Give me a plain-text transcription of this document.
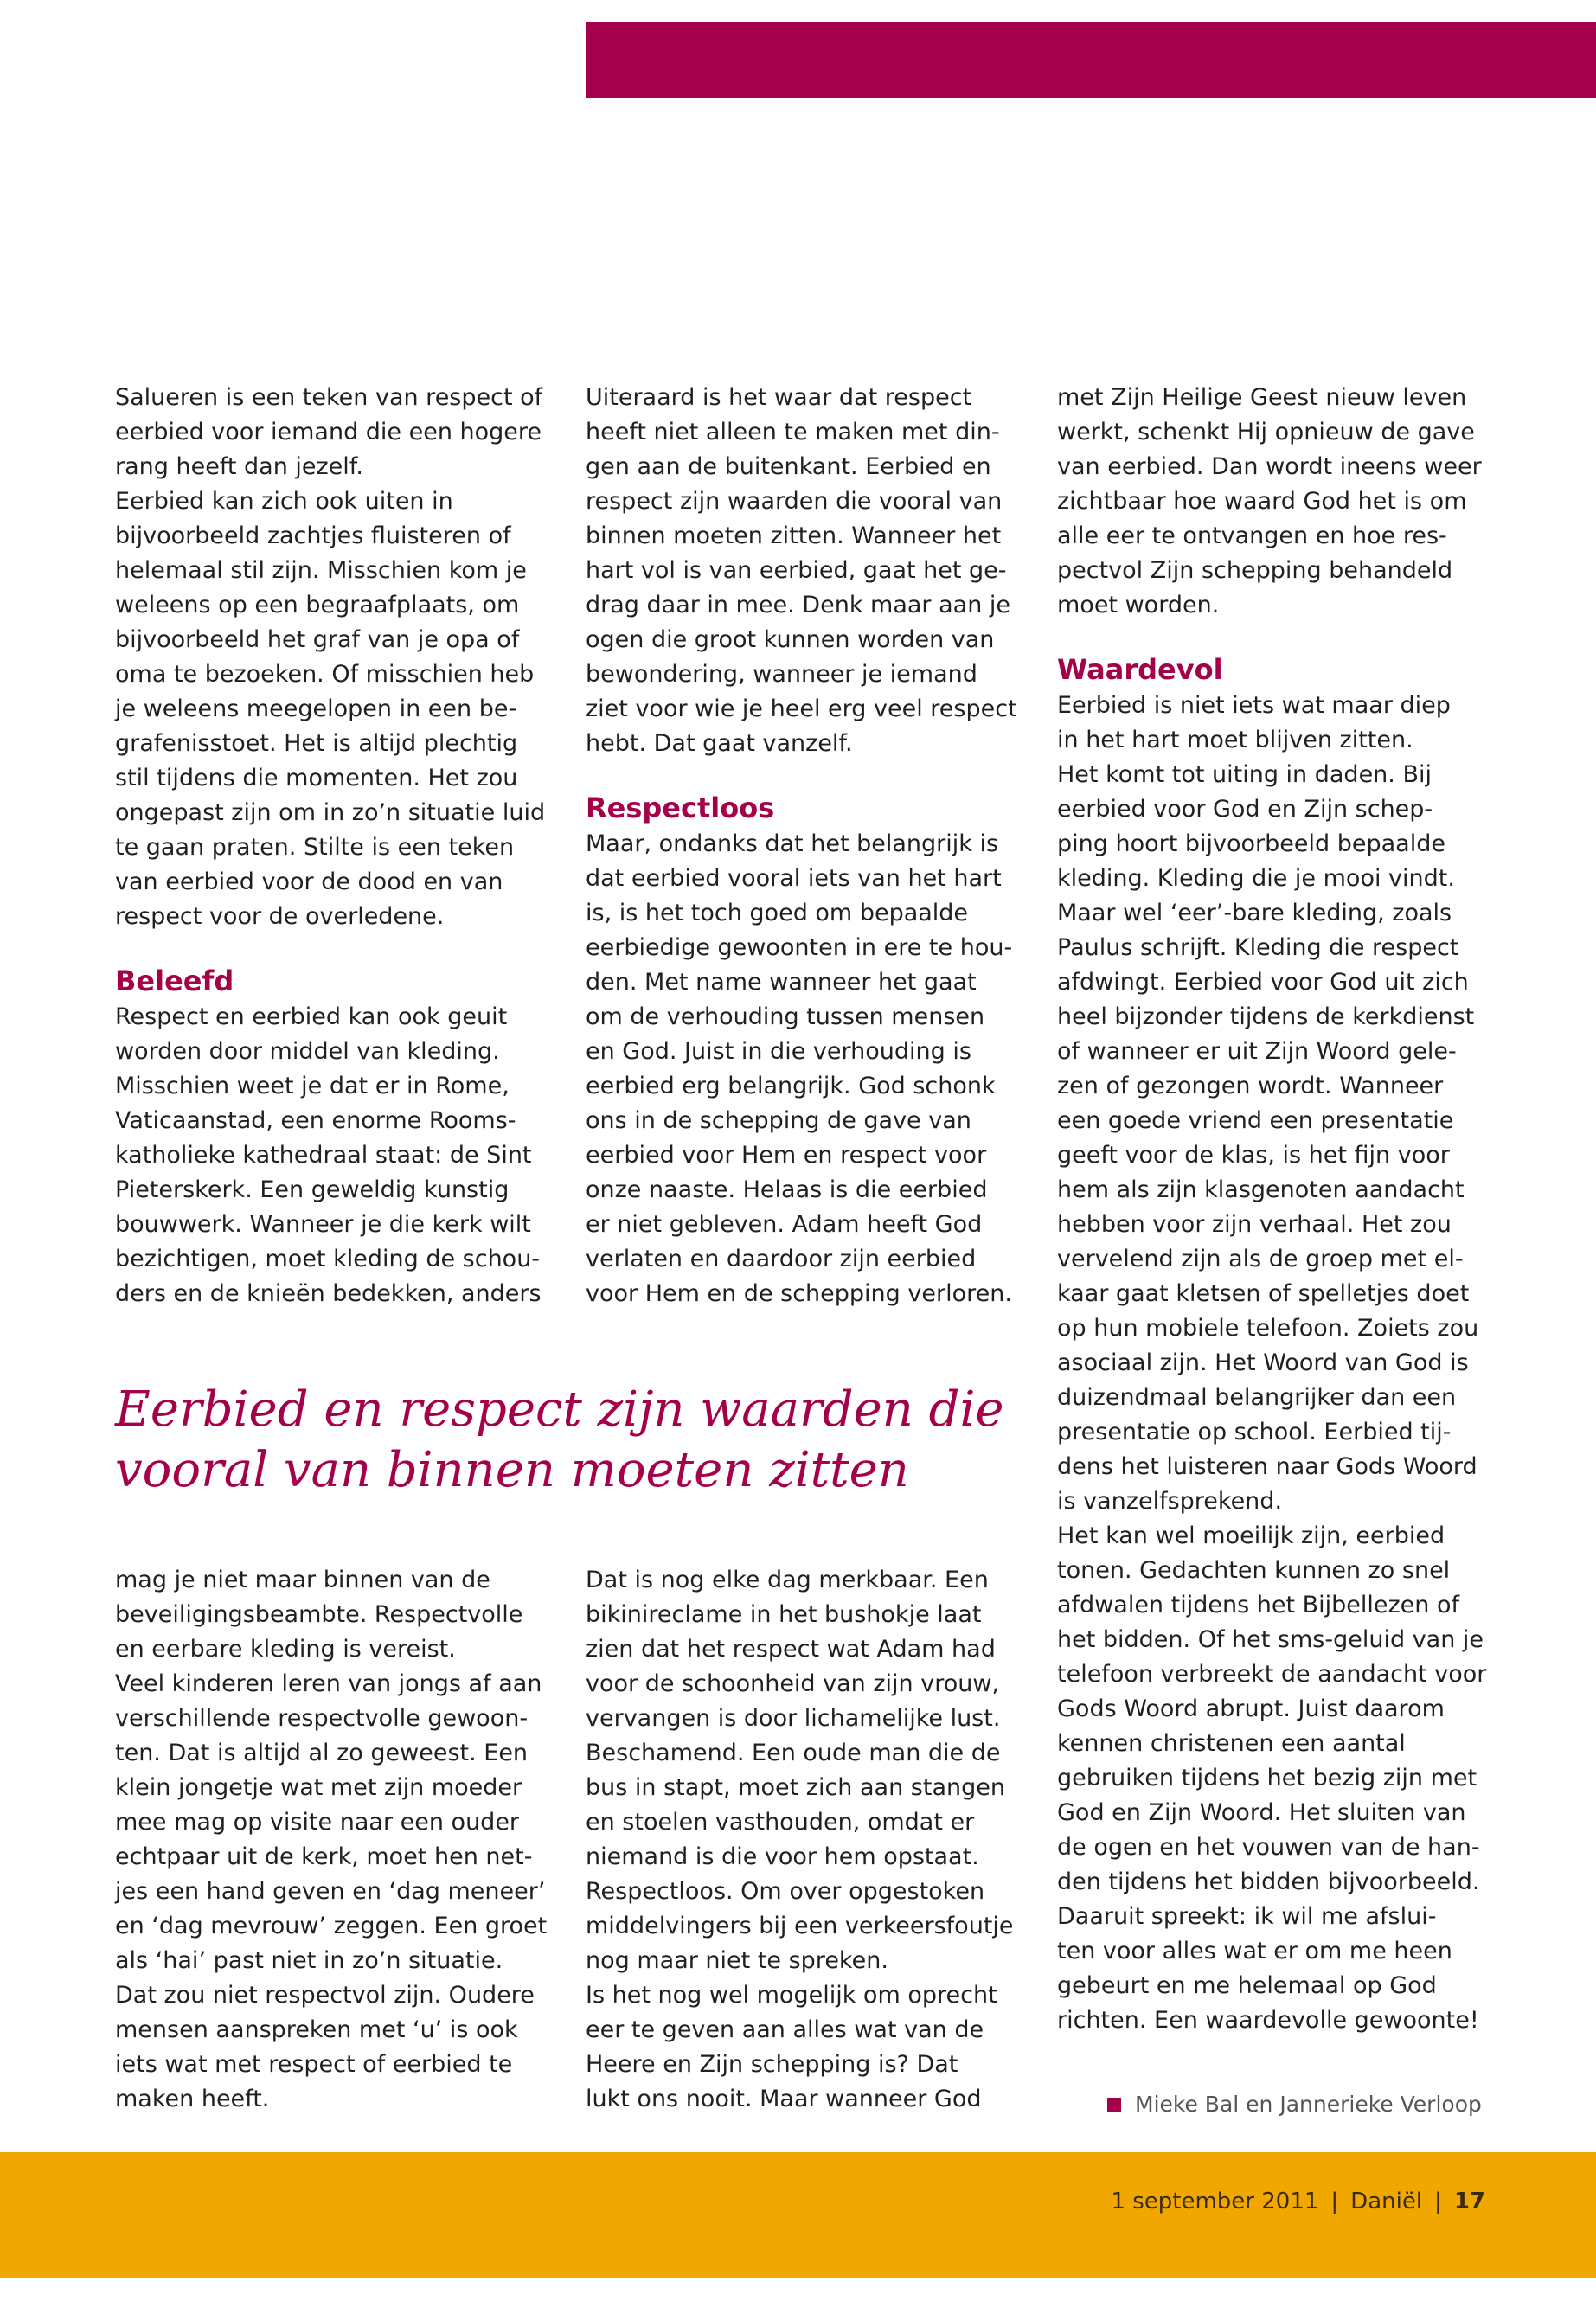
Salueren is een teken van respect of
eerbied voor iemand die een hogere
rang heeft dan jezelf.
Eerbied kan zich ook uiten in
bijvoorbeeld zachtjes fluisteren of
helemaal stil zijn. Misschien kom je
weleens op een begraafplaats, om
bijvoorbeeld het graf van je opa of
oma te bezoeken. Of misschien heb
je weleens meegelopen in een be-
grafenisstoet. Het is altijd plechtig
stil tijdens die momenten. Het zou
ongepast zijn om in zo’n situatie luid
te gaan praten. Stilte is een teken
van eerbied voor de dood en van
respect voor de overledene.

Beleefd

Respect en eerbied kan ook geuit
worden door middel van kleding.
Misschien weet je dat er in Rome,
Vaticaanstad, een enorme Rooms-
katholieke kathedraal staat: de Sint
Pieterskerk. Een geweldig kunstig
bouwwerk. Wanneer je die kerk wilt
bezichtigen, moet kleding de schou-
ders en de knieën bedekken, anders

Uiteraard is het waar dat respect
heeft niet alleen te maken met din-
gen aan de buitenkant. Eerbied en
respect zijn waarden die vooral van
binnen moeten zitten. Wanneer het
hart vol is van eerbied, gaat het ge-
drag daar in mee. Denk maar aan je
ogen die groot kunnen worden van
bewondering, wanneer je iemand
ziet voor wie je heel erg veel respect
hebt. Dat gaat vanzelf.

Respectloos

Maar, ondanks dat het belangrijk is
dat eerbied vooral iets van het hart
is, is het toch goed om bepaalde
eerbiedige gewoonten in ere te hou-
den. Met name wanneer het gaat
om de verhouding tussen mensen
en God. Juist in die verhouding is
eerbied erg belangrijk. God schonk
ons in de schepping de gave van
eerbied voor Hem en respect voor
onze naaste. Helaas is die eerbied
er niet gebleven. Adam heeft God
verlaten en daardoor zijn eerbied
voor Hem en de schepping verloren.

met Zijn Heilige Geest nieuw leven
werkt, schenkt Hij opnieuw de gave
van eerbied. Dan wordt ineens weer
zichtbaar hoe waard God het is om
alle eer te ontvangen en hoe res-
pectvol Zijn schepping behandeld
moet worden.

Waardevol

Eerbied is niet iets wat maar diep
in het hart moet blijven zitten.
Het komt tot uiting in daden. Bij
eerbied voor God en Zijn schep-
ping hoort bijvoorbeeld bepaalde
kleding. Kleding die je mooi vindt.
Maar wel ‘eer’-bare kleding, zoals
Paulus schrijft. Kleding die respect
afdwingt. Eerbied voor God uit zich
heel bijzonder tijdens de kerkdienst
of wanneer er uit Zijn Woord gele-
zen of gezongen wordt. Wanneer
een goede vriend een presentatie
geeft voor de klas, is het fijn voor
hem als zijn klasgenoten aandacht
hebben voor zijn verhaal. Het zou
vervelend zijn als de groep met el-
kaar gaat kletsen of spelletjes doet
op hun mobiele telefoon. Zoiets zou
asociaal zijn. Het Woord van God is
duizendmaal belangrijker dan een
presentatie op school. Eerbied tij-
dens het luisteren naar Gods Woord
is vanzelfsprekend.
Het kan wel moeilijk zijn, eerbied
tonen. Gedachten kunnen zo snel
afdwalen tijdens het Bijbellezen of
het bidden. Of het sms-geluid van je
telefoon verbreekt de aandacht voor
Gods Woord abrupt. Juist daarom
kennen christenen een aantal
gebruiken tijdens het bezig zijn met
God en Zijn Woord. Het sluiten van
de ogen en het vouwen van de han-
den tijdens het bidden bijvoorbeeld.
Daaruit spreekt: ik wil me afslui-
ten voor alles wat er om me heen
gebeurt en me helemaal op God
richten. Een waardevolle gewoonte!

Eerbied en respect zijn waarden die
vooral van binnen moeten zitten

mag je niet maar binnen van de
beveiligingsbeambte. Respectvolle
en eerbare kleding is vereist.
Veel kinderen leren van jongs af aan
verschillende respectvolle gewoon-
ten. Dat is altijd al zo geweest. Een
klein jongetje wat met zijn moeder
mee mag op visite naar een ouder
echtpaar uit de kerk, moet hen net-
jes een hand geven en ‘dag meneer’
en ‘dag mevrouw’ zeggen. Een groet
als ‘hai’ past niet in zo’n situatie.
Dat zou niet respectvol zijn. Oudere
mensen aanspreken met ‘u’ is ook
iets wat met respect of eerbied te
maken heeft.

Dat is nog elke dag merkbaar. Een
bikinireclame in het bushokje laat
zien dat het respect wat Adam had
voor de schoonheid van zijn vrouw,
vervangen is door lichamelijke lust.
Beschamend. Een oude man die de
bus in stapt, moet zich aan stangen
en stoelen vasthouden, omdat er
niemand is die voor hem opstaat.
Respectloos. Om over opgestoken
middelvingers bij een verkeersfoutje
nog maar niet te spreken.
Is het nog wel mogelijk om oprecht
eer te geven aan alles wat van de
Heere en Zijn schepping is? Dat
lukt ons nooit. Maar wanneer God	Mieke Bal en Jannerieke Verloop
1 september 2011 | Daniël | 17
